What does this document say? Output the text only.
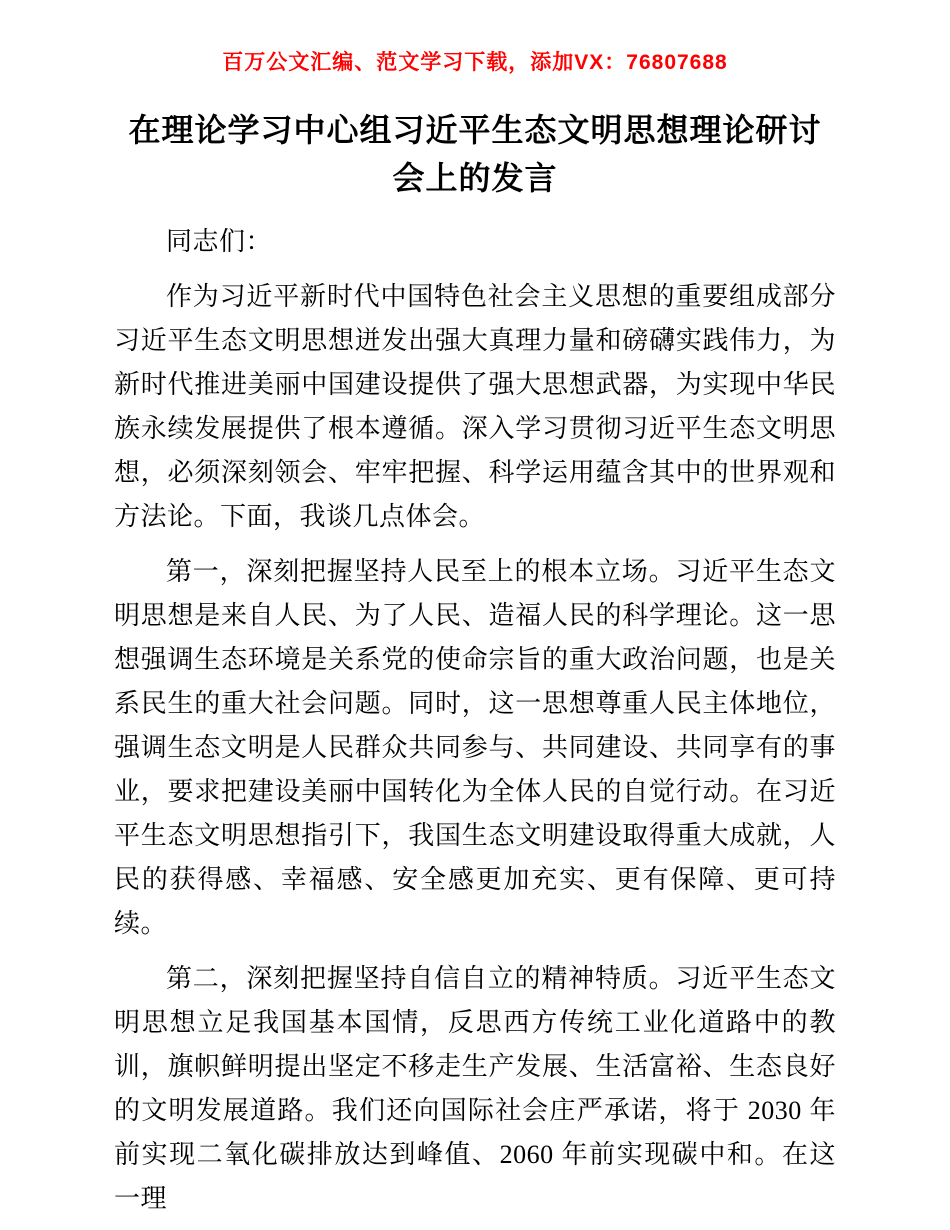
百万公文汇编、范文学习下载，添加VX：76807688
在理论学习中心组习近平生态文明思想理论研讨会上的发言

同志们：

作为习近平新时代中国特色社会主义思想的重要组成部分习近平生态文明思想迸发出强大真理力量和磅礴实践伟力，为新时代推进美丽中国建设提供了强大思想武器，为实现中华民族永续发展提供了根本遵循。深入学习贯彻习近平生态文明思想，必须深刻领会、牢牢把握、科学运用蕴含其中的世界观和方法论。下面，我谈几点体会。

第一，深刻把握坚持人民至上的根本立场。习近平生态文明思想是来自人民、为了人民、造福人民的科学理论。这一思想强调生态环境是关系党的使命宗旨的重大政治问题，也是关系民生的重大社会问题。同时，这一思想尊重人民主体地位，强调生态文明是人民群众共同参与、共同建设、共同享有的事业，要求把建设美丽中国转化为全体人民的自觉行动。在习近平生态文明思想指引下，我国生态文明建设取得重大成就，人民的获得感、幸福感、安全感更加充实、更有保障、更可持续。

第二，深刻把握坚持自信自立的精神特质。习近平生态文明思想立足我国基本国情，反思西方传统工业化道路中的教训，旗帜鲜明提出坚定不移走生产发展、生活富裕、生态良好的文明发展道路。我们还向国际社会庄严承诺，将于 2030 年前实现二氧化碳排放达到峰值、2060 年前实现碳中和。在这一理
